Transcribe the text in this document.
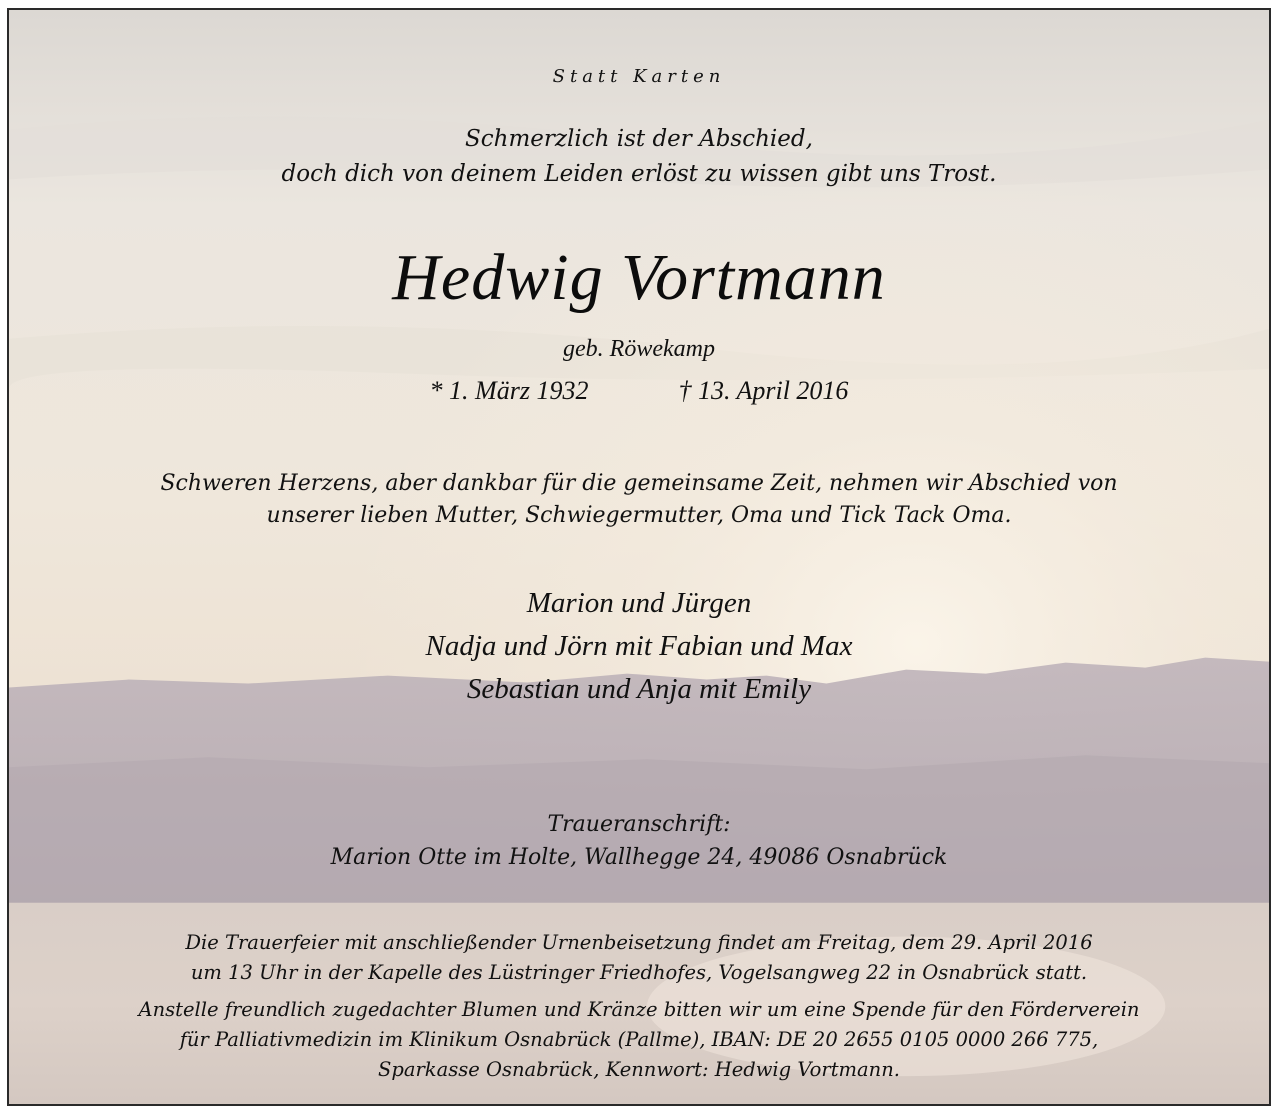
Statt Karten
Schmerzlich ist der Abschied,
doch dich von deinem Leiden erlöst zu wissen gibt uns Trost.
Hedwig Vortmann
geb. Röwekamp
* 1. März 1932	† 13. April 2016
Schweren Herzens, aber dankbar für die gemeinsame Zeit, nehmen wir Abschied von
unserer lieben Mutter, Schwiegermutter, Oma und Tick Tack Oma.
Marion und Jürgen
Nadja und Jörn mit Fabian und Max
Sebastian und Anja mit Emily
Traueranschrift:
Marion Otte im Holte, Wallhegge 24, 49086 Osnabrück
Die Trauerfeier mit anschließender Urnenbeisetzung findet am Freitag, dem 29. April 2016
um 13 Uhr in der Kapelle des Lüstringer Friedhofes, Vogelsangweg 22 in Osnabrück statt.
Anstelle freundlich zugedachter Blumen und Kränze bitten wir um eine Spende für den Förderverein
für Palliativmedizin im Klinikum Osnabrück (Pallme), IBAN: DE 20 2655 0105 0000 266 775,
Sparkasse Osnabrück, Kennwort: Hedwig Vortmann.
